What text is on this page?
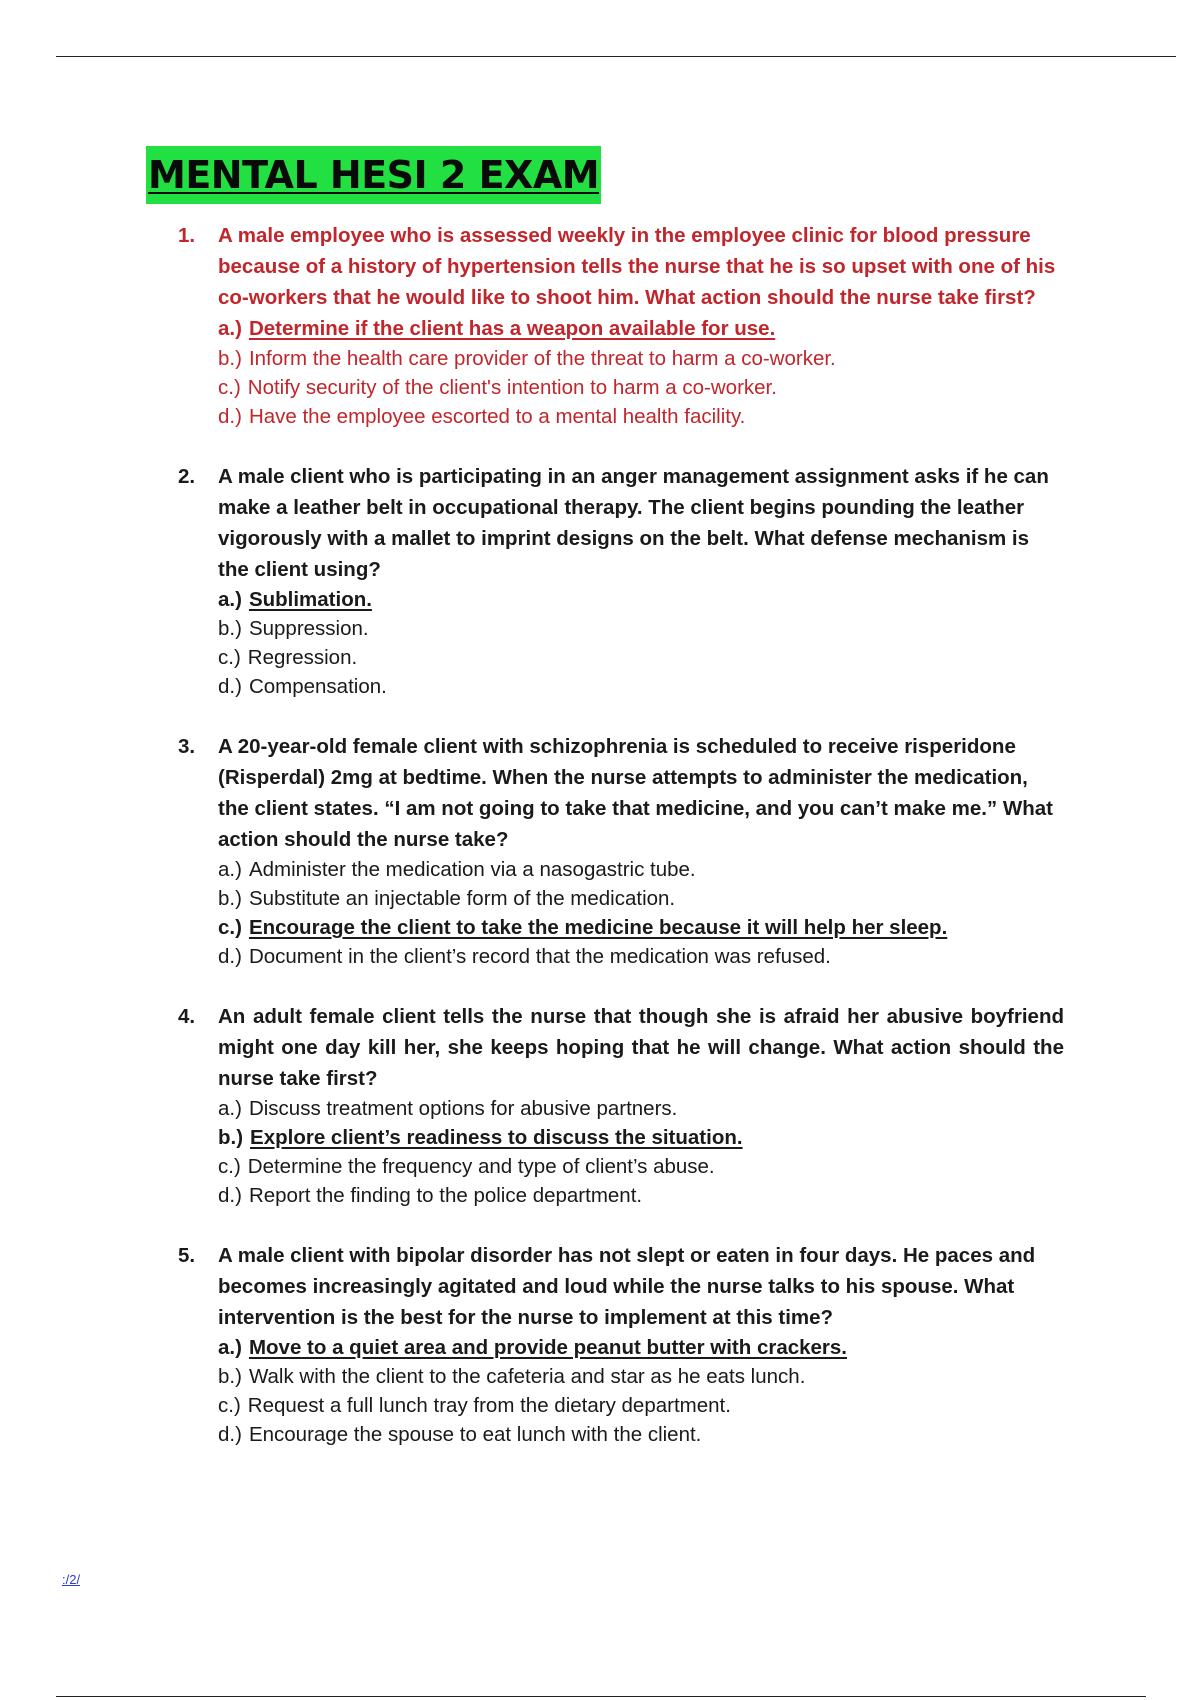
MENTAL HESI 2 EXAM
1. A male employee who is assessed weekly in the employee clinic for blood pressure because of a history of hypertension tells the nurse that he is so upset with one of his co-workers that he would like to shoot him. What action should the nurse take first? a.) Determine if the client has a weapon available for use.
b.) Inform the health care provider of the threat to harm a co-worker.
c.) Notify security of the client's intention to harm a co-worker.
d.) Have the employee escorted to a mental health facility.
2. A male client who is participating in an anger management assignment asks if he can make a leather belt in occupational therapy. The client begins pounding the leather vigorously with a mallet to imprint designs on the belt. What defense mechanism is the client using?
a.) Sublimation.
b.) Suppression.
c.) Regression.
d.) Compensation.
3. A 20-year-old female client with schizophrenia is scheduled to receive risperidone (Risperdal) 2mg at bedtime. When the nurse attempts to administer the medication, the client states. “I am not going to take that medicine, and you can’t make me.” What action should the nurse take?
a.) Administer the medication via a nasogastric tube.
b.) Substitute an injectable form of the medication.
c.) Encourage the client to take the medicine because it will help her sleep.
d.) Document in the client’s record that the medication was refused.
4. An adult female client tells the nurse that though she is afraid her abusive boyfriend might one day kill her, she keeps hoping that he will change. What action should the nurse take first?
a.) Discuss treatment options for abusive partners.
b.) Explore client’s readiness to discuss the situation.
c.) Determine the frequency and type of client’s abuse.
d.) Report the finding to the police department.
5. A male client with bipolar disorder has not slept or eaten in four days. He paces and becomes increasingly agitated and loud while the nurse talks to his spouse. What intervention is the best for the nurse to implement at this time?
a.) Move to a quiet area and provide peanut butter with crackers.
b.) Walk with the client to the cafeteria and star as he eats lunch.
c.) Request a full lunch tray from the dietary department.
d.) Encourage the spouse to eat lunch with the client.
:/2/
